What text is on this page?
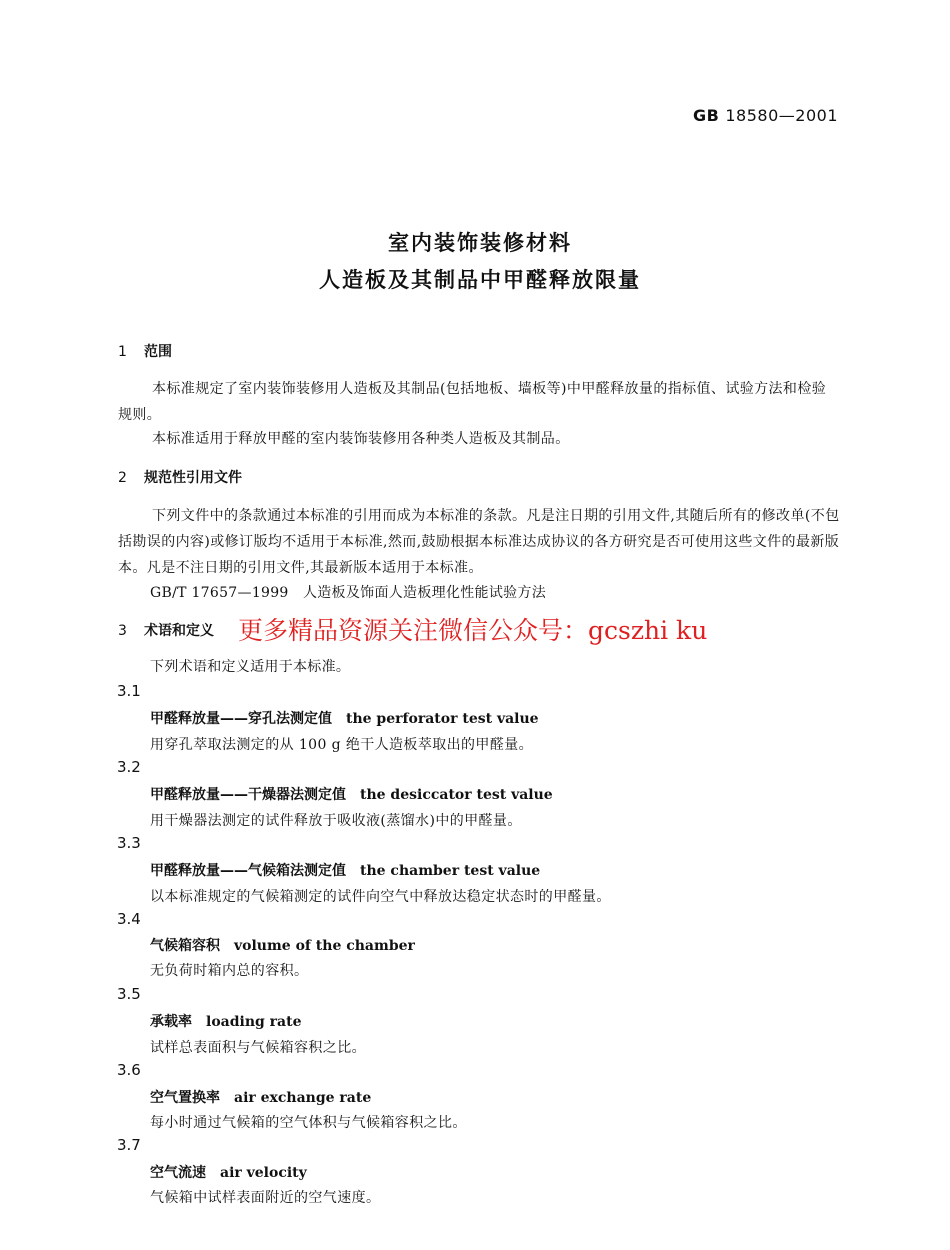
GB 18580—2001
室内装饰装修材料
人造板及其制品中甲醛释放限量
1 范围
本标准规定了室内装饰装修用人造板及其制品(包括地板、墙板等)中甲醛释放量的指标值、试验方法和检验规则。
本标准适用于释放甲醛的室内装饰装修用各种类人造板及其制品。
2 规范性引用文件
下列文件中的条款通过本标准的引用而成为本标准的条款。凡是注日期的引用文件,其随后所有的修改单(不包括勘误的内容)或修订版均不适用于本标准,然而,鼓励根据本标准达成协议的各方研究是否可使用这些文件的最新版本。凡是不注日期的引用文件,其最新版本适用于本标准。
GB/T 17657—1999　人造板及饰面人造板理化性能试验方法
3 术语和定义 更多精品资源关注微信公众号：gcszhi ku
下列术语和定义适用于本标准。
3.1
甲醛释放量——穿孔法测定值 the perforator test value
用穿孔萃取法测定的从 100 g 绝干人造板萃取出的甲醛量。
3.2
甲醛释放量——干燥器法测定值 the desiccator test value
用干燥器法测定的试件释放于吸收液(蒸馏水)中的甲醛量。
3.3
甲醛释放量——气候箱法测定值 the chamber test value
以本标准规定的气候箱测定的试件向空气中释放达稳定状态时的甲醛量。
3.4
气候箱容积 volume of the chamber
无负荷时箱内总的容积。
3.5
承载率 loading rate
试样总表面积与气候箱容积之比。
3.6
空气置换率 air exchange rate
每小时通过气候箱的空气体积与气候箱容积之比。
3.7
空气流速 air velocity
气候箱中试样表面附近的空气速度。
